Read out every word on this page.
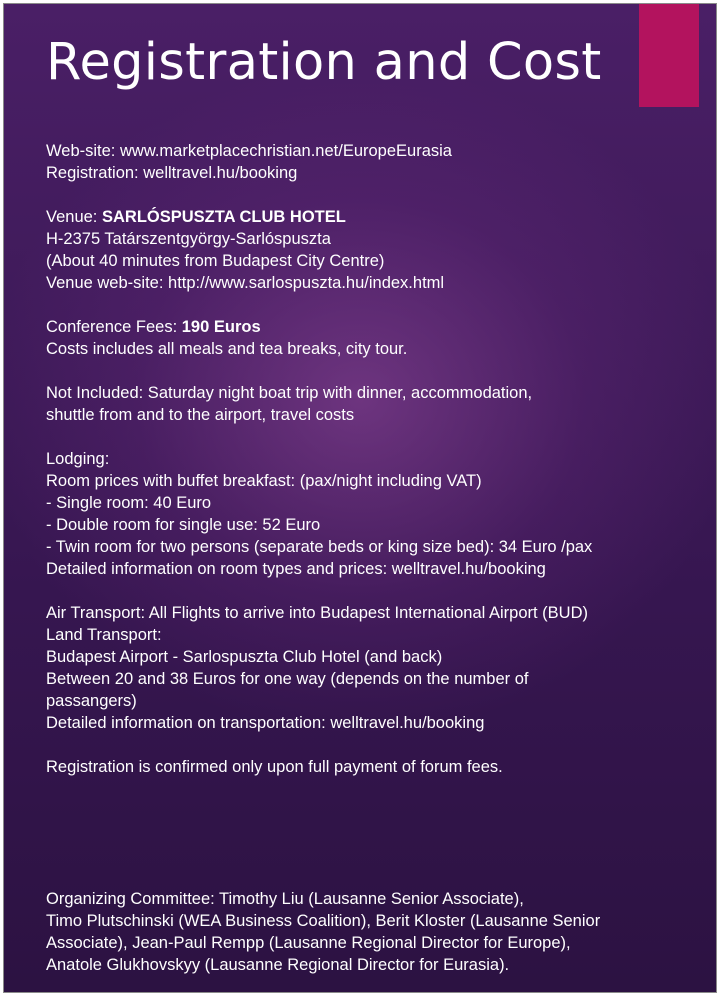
Registration and Cost

Web-site: www.marketplacechristian.net/EuropeEurasia

Registration: welltravel.hu/booking

Venue: SARLÓSPUSZTA CLUB HOTEL

H-2375 Tatárszentgyörgy-Sarlóspuszta

(About 40 minutes from Budapest City Centre)

Venue web-site: http://www.sarlospuszta.hu/index.html

Conference Fees: 190 Euros

Costs includes all meals and tea breaks, city tour.

Not Included: Saturday night boat trip with dinner, accommodation,

shuttle from and to the airport, travel costs

Lodging:

Room prices with buffet breakfast: (pax/night including VAT)

- Single room: 40 Euro

- Double room for single use: 52 Euro

- Twin room for two persons (separate beds or king size bed): 34 Euro /pax

Detailed information on room types and prices: welltravel.hu/booking

Air Transport: All Flights to arrive into Budapest International Airport (BUD)

Land Transport:

Budapest Airport - Sarlospuszta Club Hotel (and back)

Between 20 and 38 Euros for one way (depends on the number of

passangers)

Detailed information on transportation: welltravel.hu/booking

Registration is confirmed only upon full payment of forum fees.

Organizing Committee: Timothy Liu (Lausanne Senior Associate),

Timo Plutschinski (WEA Business Coalition), Berit Kloster (Lausanne Senior

Associate), Jean-Paul Rempp (Lausanne Regional Director for Europe),

Anatole Glukhovskyy (Lausanne Regional Director for Eurasia).
